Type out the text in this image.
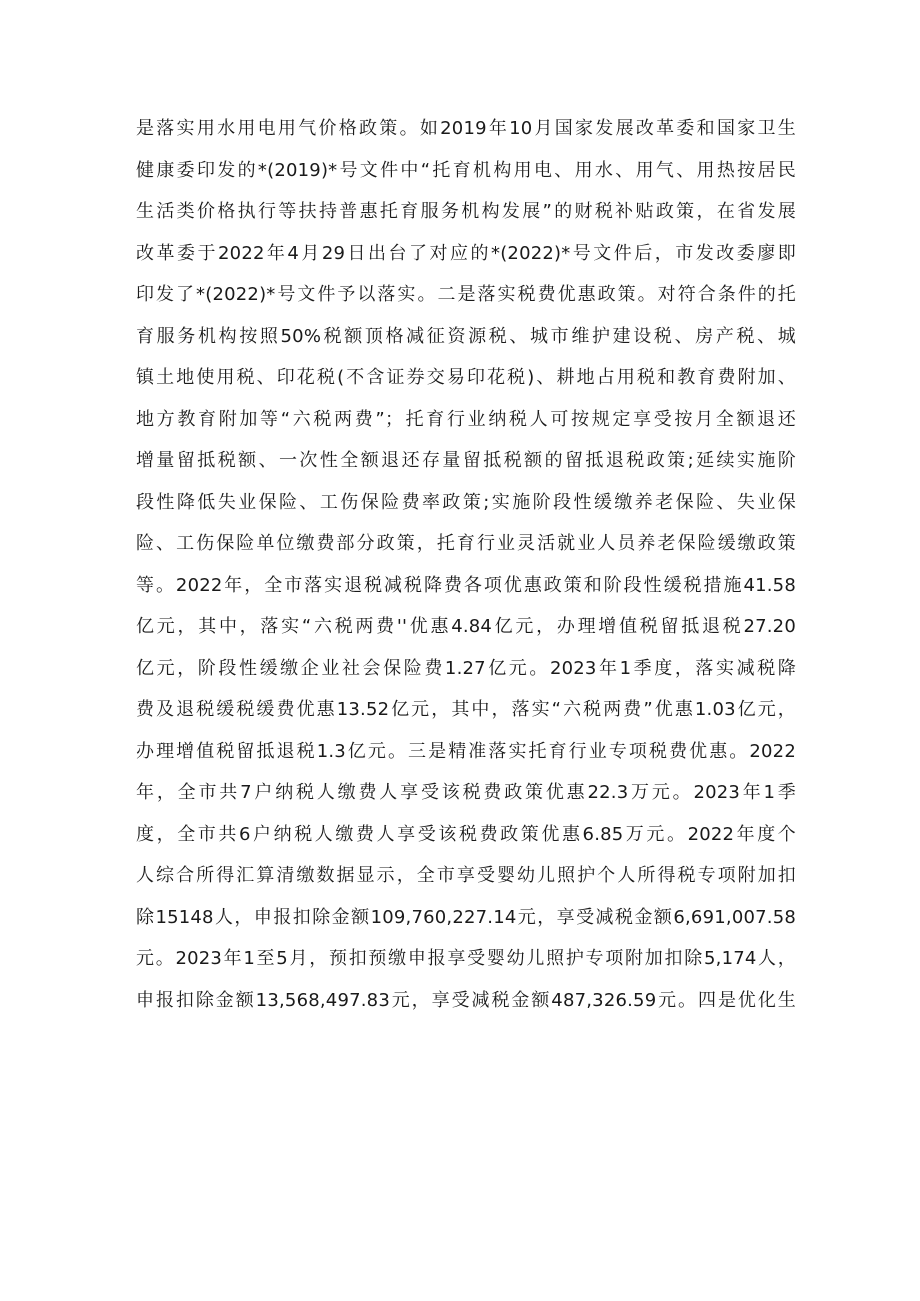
是落实用水用电用气价格政策。如2019年10月国家发展改革委和国家卫生
健康委印发的*(2019)*号文件中“托育机构用电、用水、用气、用热按居民
生活类价格执行等扶持普惠托育服务机构发展”的财税补贴政策，在省发展
改革委于2022年4月29日出台了对应的*(2022)*号文件后，市发改委廖即
印发了*(2022)*号文件予以落实。二是落实税费优惠政策。对符合条件的托
育服务机构按照50%税额顶格减征资源税、城市维护建设税、房产税、城
镇土地使用税、印花税(不含证券交易印花税)、耕地占用税和教育费附加、
地方教育附加等“六税两费”；托育行业纳税人可按规定享受按月全额退还
增量留抵税额、一次性全额退还存量留抵税额的留抵退税政策;延续实施阶
段性降低失业保险、工伤保险费率政策;实施阶段性缓缴养老保险、失业保
险、工伤保险单位缴费部分政策，托育行业灵活就业人员养老保险缓缴政策
等。2022年，全市落实退税减税降费各项优惠政策和阶段性缓税措施41.58
亿元，其中，落实“六税两费''优惠4.84亿元，办理增值税留抵退税27.20
亿元，阶段性缓缴企业社会保险费1.27亿元。2023年1季度，落实减税降
费及退税缓税缓费优惠13.52亿元，其中，落实“六税两费”优惠1.03亿元，
办理增值税留抵退税1.3亿元。三是精准落实托育行业专项税费优惠。2022
年，全市共7户纳税人缴费人享受该税费政策优惠22.3万元。2023年1季
度，全市共6户纳税人缴费人享受该税费政策优惠6.85万元。2022年度个
人综合所得汇算清缴数据显示，全市享受婴幼儿照护个人所得税专项附加扣
除15148人，申报扣除金额109,760,227.14元，享受减税金额6,691,007.58
元。2023年1至5月，预扣预缴申报享受婴幼儿照护专项附加扣除5,174人，
申报扣除金额13,568,497.83元，享受减税金额487,326.59元。四是优化生
